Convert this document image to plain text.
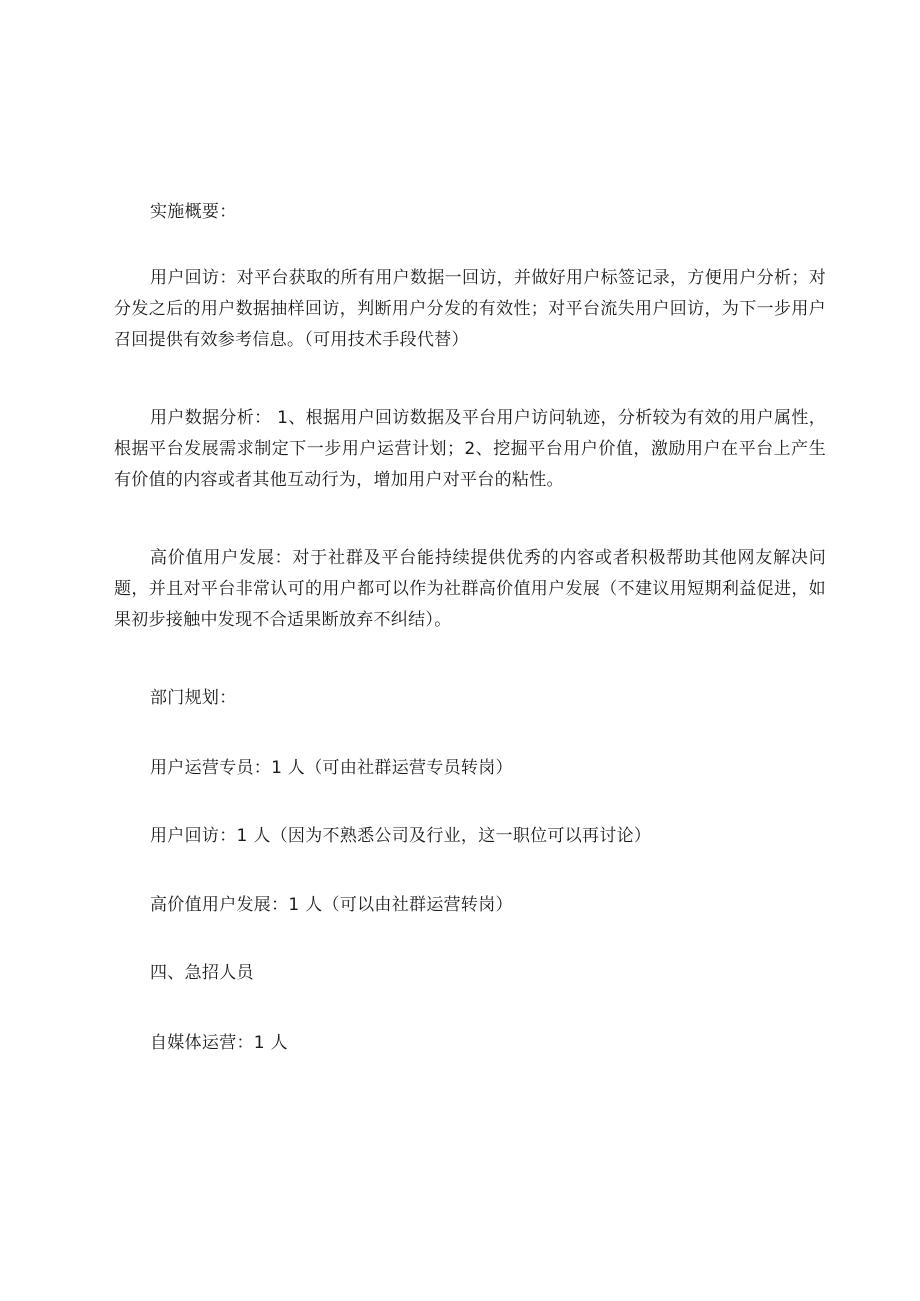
实施概要：

用户回访：对平台获取的所有用户数据一回访，并做好用户标签记录，方便用户分析；对分发之后的用户数据抽样回访，判断用户分发的有效性；对平台流失用户回访，为下一步用户召回提供有效参考信息。（可用技术手段代替）

用户数据分析： 1、根据用户回访数据及平台用户访问轨迹，分析较为有效的用户属性，根据平台发展需求制定下一步用户运营计划；2、挖掘平台用户价值，激励用户在平台上产生有价值的内容或者其他互动行为，增加用户对平台的粘性。

高价值用户发展：对于社群及平台能持续提供优秀的内容或者积极帮助其他网友解决问题，并且对平台非常认可的用户都可以作为社群高价值用户发展（不建议用短期利益促进，如果初步接触中发现不合适果断放弃不纠结）。

部门规划：

用户运营专员：1 人（可由社群运营专员转岗）

用户回访：1 人（因为不熟悉公司及行业，这一职位可以再讨论）

高价值用户发展：1 人（可以由社群运营转岗）

四、急招人员

自媒体运营：1 人
